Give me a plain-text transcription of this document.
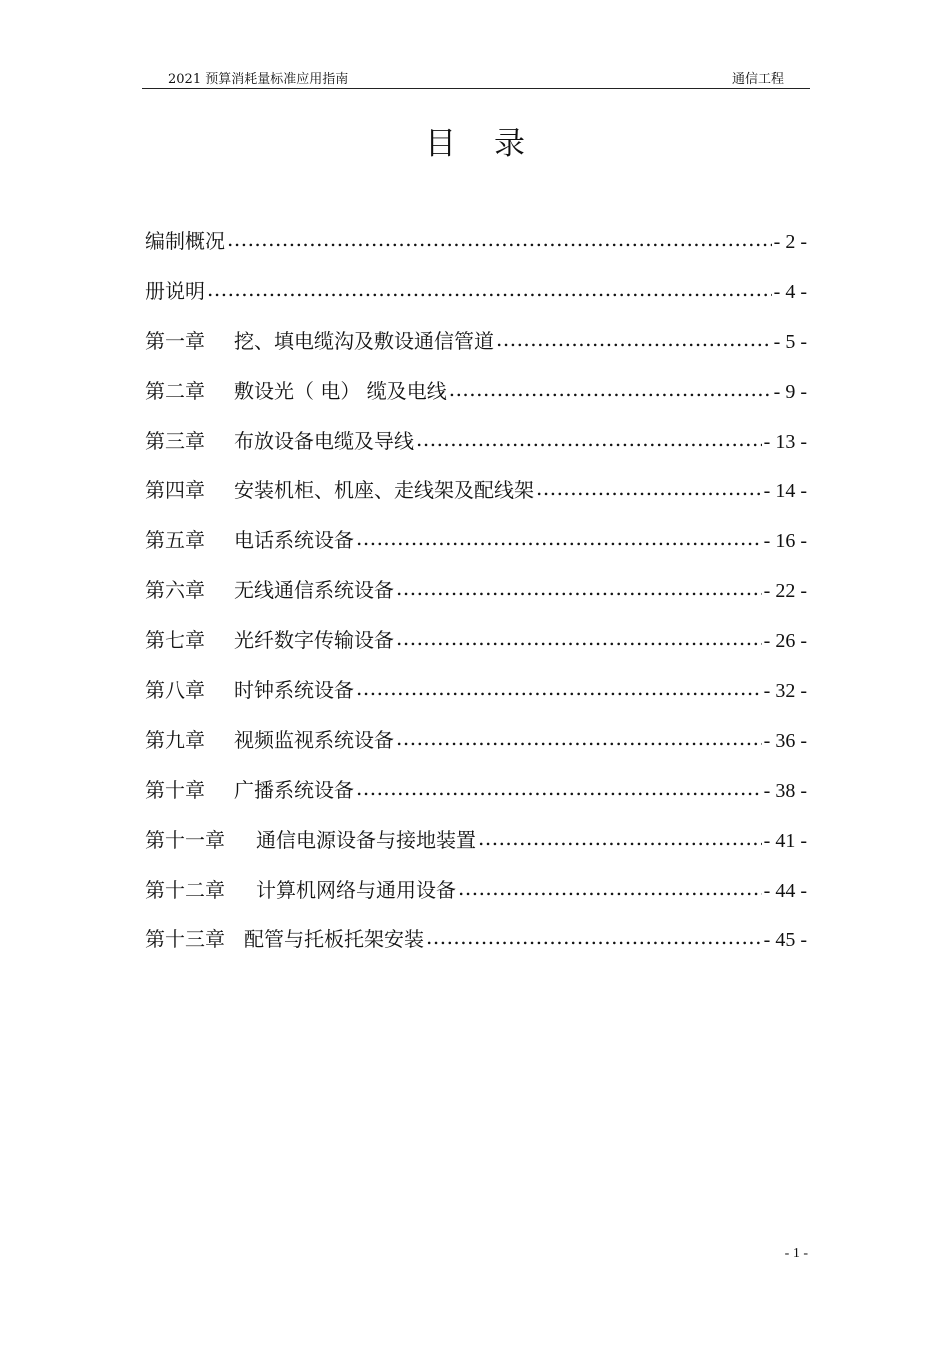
2021 预算消耗量标准应用指南	通信工程
目录
编制概况 .....	- 2 -
册说明 .....	- 4 -
第一章 挖、填电缆沟及敷设通信管道 .....	- 5 -
第二章 敷设光（ 电） 缆及电线 .....	- 9 -
第三章 布放设备电缆及导线 .....	- 13 -
第四章 安装机柜、机座、走线架及配线架 .....	- 14 -
第五章 电话系统设备 .....	- 16 -
第六章 无线通信系统设备 .....	- 22 -
第七章 光纤数字传输设备 .....	- 26 -
第八章 时钟系统设备 .....	- 32 -
第九章 视频监视系统设备 .....	- 36 -
第十章 广播系统设备 .....	- 38 -
第十一章 通信电源设备与接地装置 .....	- 41 -
第十二章 计算机网络与通用设备 .....	- 44 -
第十三章 配管与托板托架安装 .....	- 45 -
- 1 -
